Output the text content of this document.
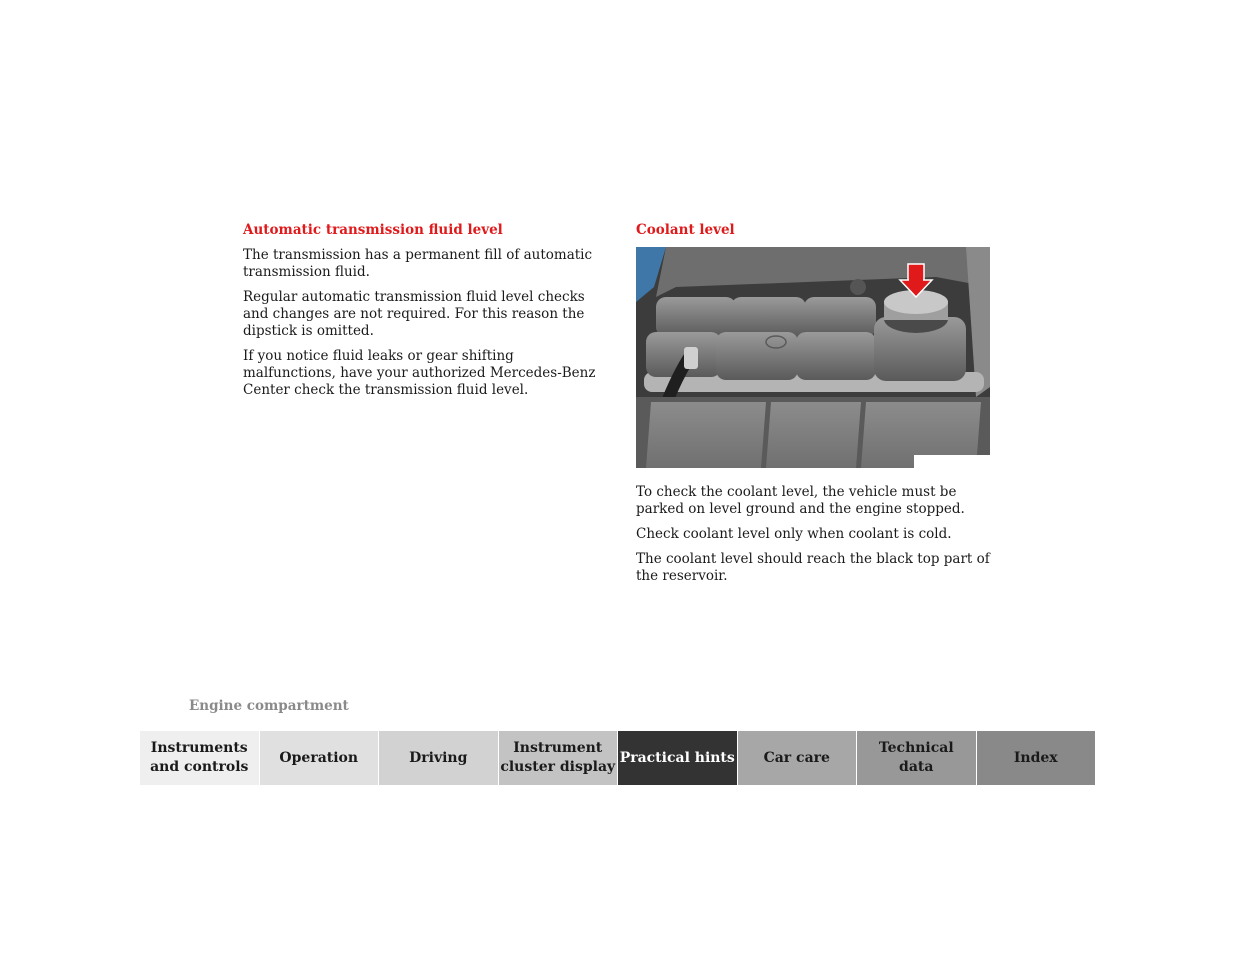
Automatic transmission fluid level

The transmission has a permanent fill of automatic transmission fluid.

Regular automatic transmission fluid level checks and changes are not required. For this reason the dipstick is omitted.

If you notice fluid leaks or gear shifting malfunctions, have your authorized Mercedes-Benz Center check the transmission fluid level.

Coolant level

To check the coolant level, the vehicle must be parked on level ground and the engine stopped.

Check coolant level only when coolant is cold.

The coolant level should reach the black top part of the reservoir.

Engine compartment
Instruments
and controls
Operation	Driving
Instrument
cluster display
Practical hints	Car care
Technical
data
Index
